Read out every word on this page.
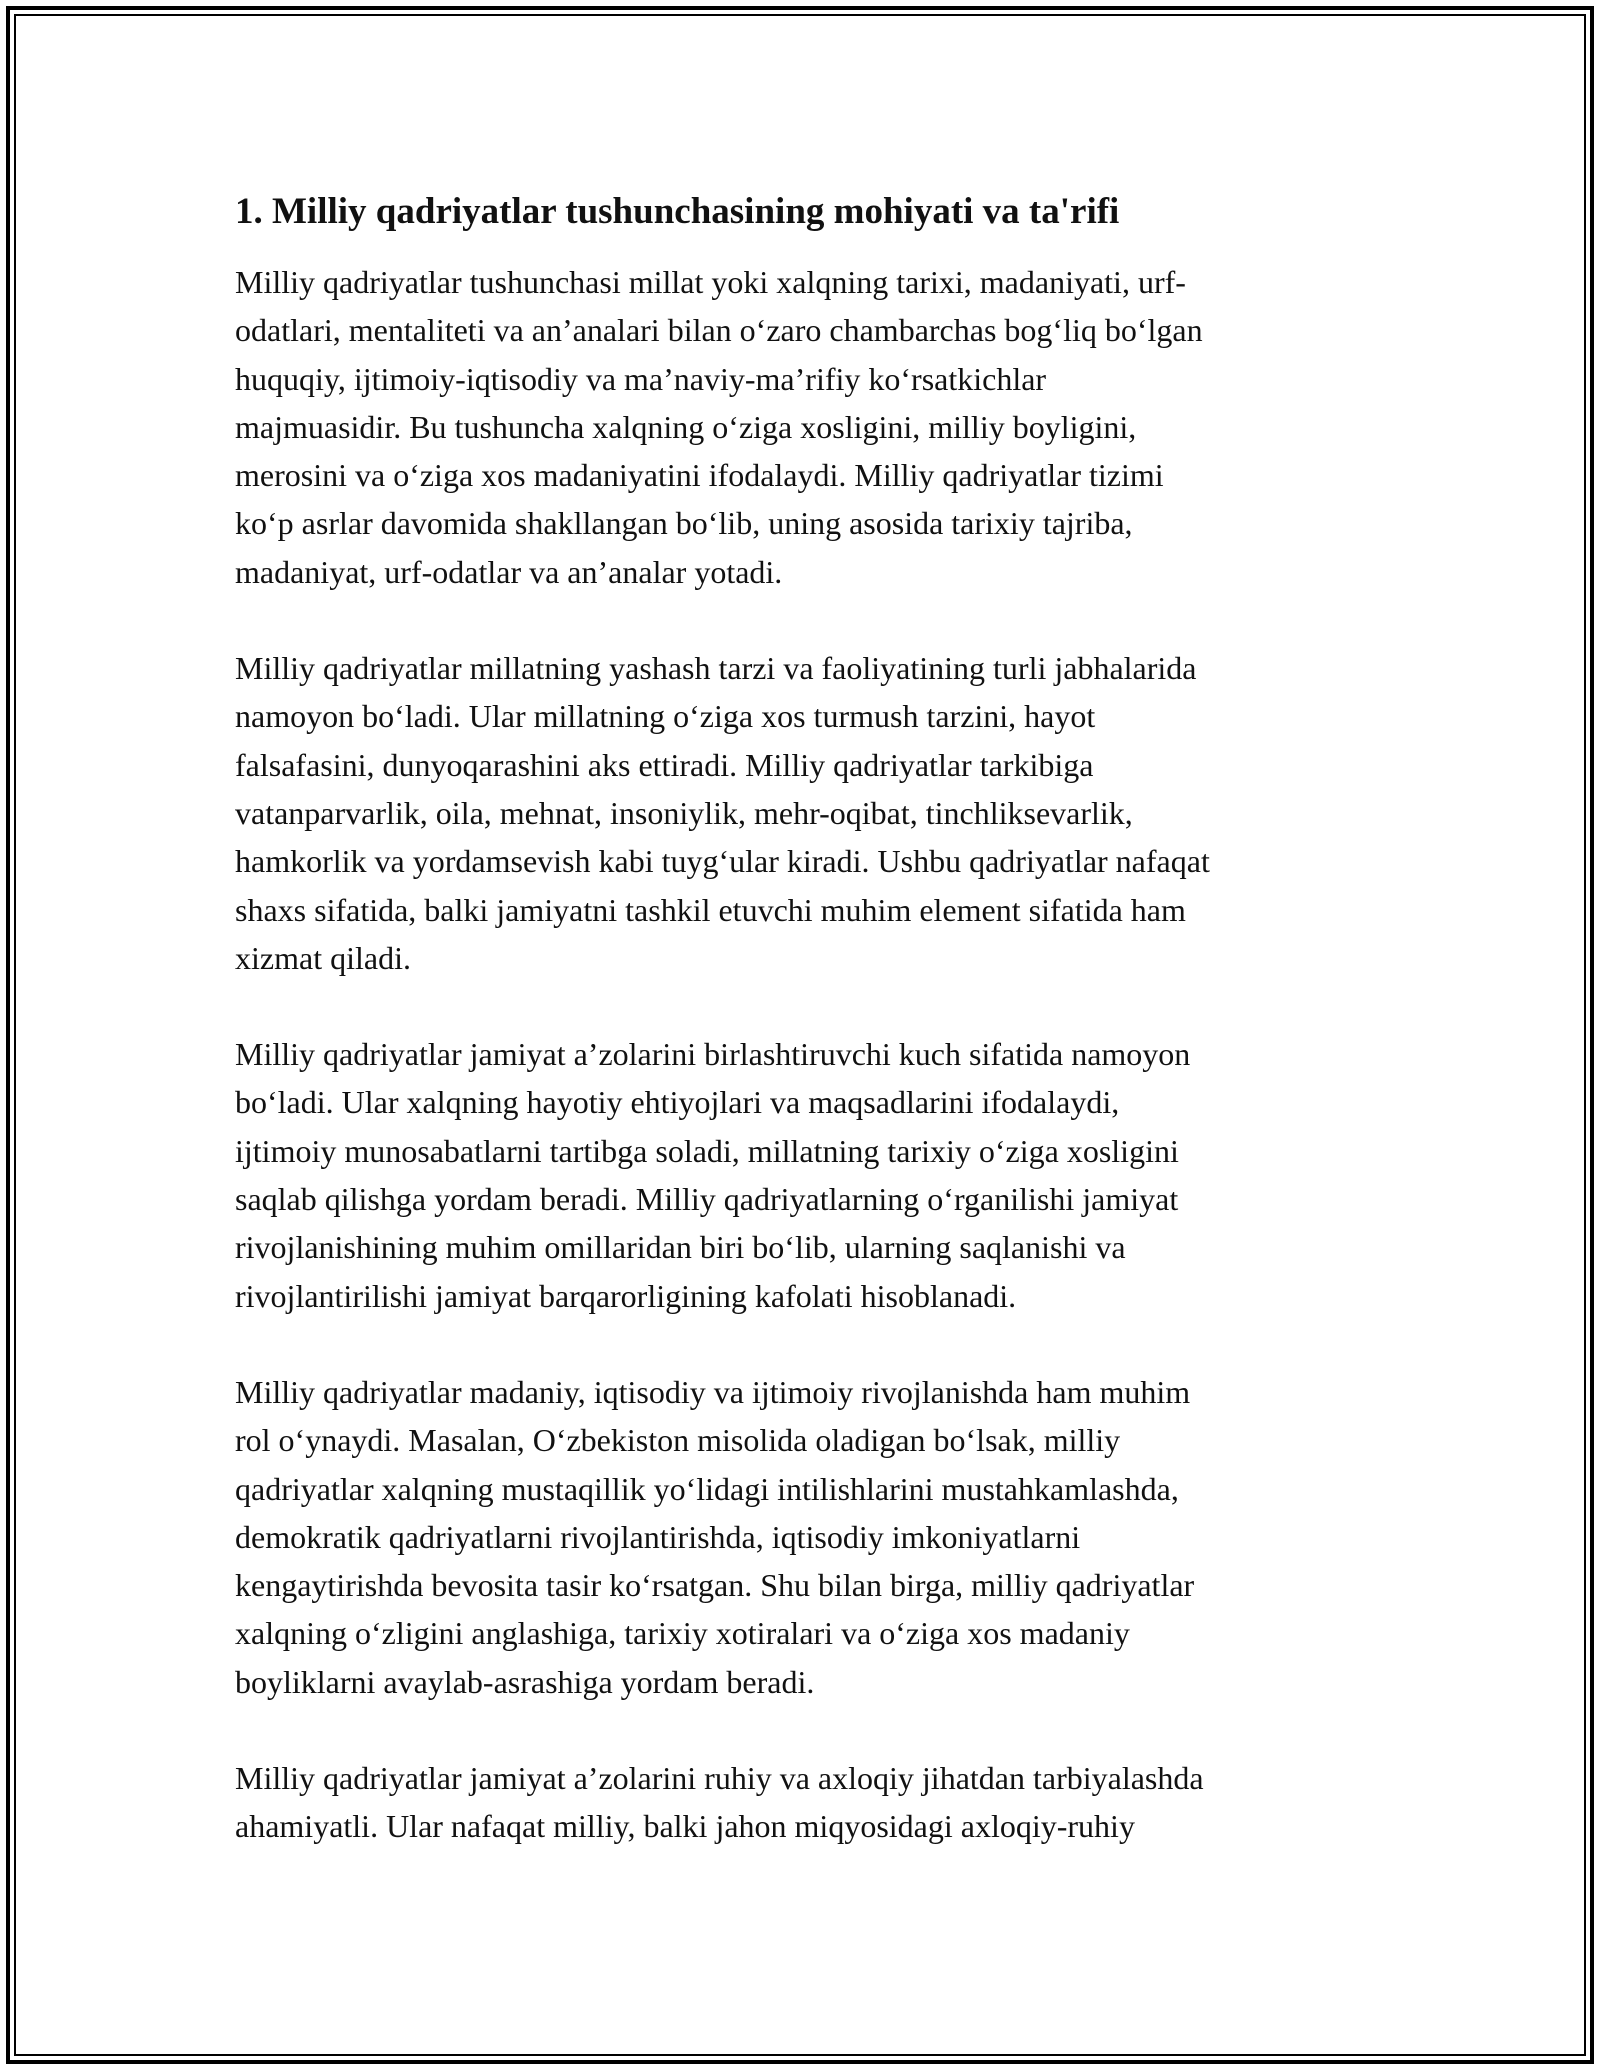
1. Milliy qadriyatlar tushunchasining mohiyati va ta'rifi

Milliy qadriyatlar tushunchasi millat yoki xalqning tarixi, madaniyati, urf-
odatlari, mentaliteti va an’analari bilan o‘zaro chambarchas bog‘liq bo‘lgan
huquqiy, ijtimoiy-iqtisodiy va ma’naviy-ma’rifiy ko‘rsatkichlar
majmuasidir. Bu tushuncha xalqning o‘ziga xosligini, milliy boyligini,
merosini va o‘ziga xos madaniyatini ifodalaydi. Milliy qadriyatlar tizimi
ko‘p asrlar davomida shakllangan bo‘lib, uning asosida tarixiy tajriba,
madaniyat, urf-odatlar va an’analar yotadi.

Milliy qadriyatlar millatning yashash tarzi va faoliyatining turli jabhalarida
namoyon bo‘ladi. Ular millatning o‘ziga xos turmush tarzini, hayot
falsafasini, dunyoqarashini aks ettiradi. Milliy qadriyatlar tarkibiga
vatanparvarlik, oila, mehnat, insoniylik, mehr-oqibat, tinchliksevarlik,
hamkorlik va yordamsevish kabi tuyg‘ular kiradi. Ushbu qadriyatlar nafaqat
shaxs sifatida, balki jamiyatni tashkil etuvchi muhim element sifatida ham
xizmat qiladi.

Milliy qadriyatlar jamiyat a’zolarini birlashtiruvchi kuch sifatida namoyon
bo‘ladi. Ular xalqning hayotiy ehtiyojlari va maqsadlarini ifodalaydi,
ijtimoiy munosabatlarni tartibga soladi, millatning tarixiy o‘ziga xosligini
saqlab qilishga yordam beradi. Milliy qadriyatlarning o‘rganilishi jamiyat
rivojlanishining muhim omillaridan biri bo‘lib, ularning saqlanishi va
rivojlantirilishi jamiyat barqarorligining kafolati hisoblanadi.

Milliy qadriyatlar madaniy, iqtisodiy va ijtimoiy rivojlanishda ham muhim
rol o‘ynaydi. Masalan, O‘zbekiston misolida oladigan bo‘lsak, milliy
qadriyatlar xalqning mustaqillik yo‘lidagi intilishlarini mustahkamlashda,
demokratik qadriyatlarni rivojlantirishda, iqtisodiy imkoniyatlarni
kengaytirishda bevosita tasir ko‘rsatgan. Shu bilan birga, milliy qadriyatlar
xalqning o‘zligini anglashiga, tarixiy xotiralari va o‘ziga xos madaniy
boyliklarni avaylab-asrashiga yordam beradi.

Milliy qadriyatlar jamiyat a’zolarini ruhiy va axloqiy jihatdan tarbiyalashda
ahamiyatli. Ular nafaqat milliy, balki jahon miqyosidagi axloqiy-ruhiy
